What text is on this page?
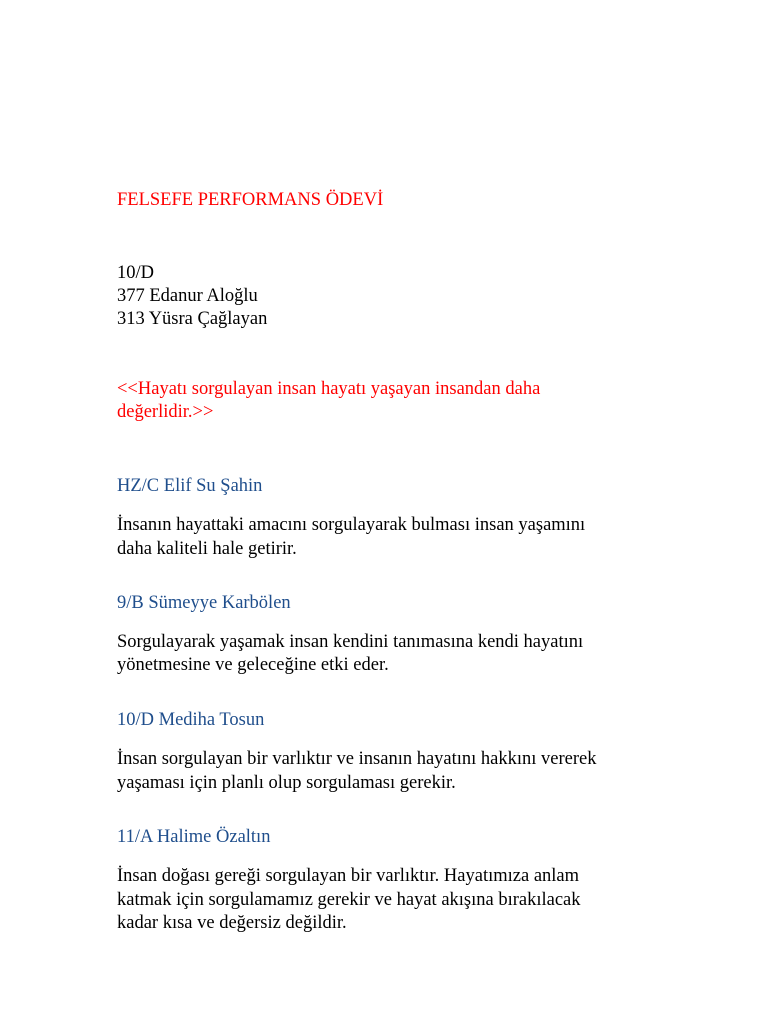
FELSEFE PERFORMANS ÖDEVİ
10/D
377 Edanur Aloğlu
313 Yüsra Çağlayan
<<Hayatı sorgulayan insan hayatı yaşayan insandan daha
değerlidir.>>
HZ/C Elif Su Şahin
İnsanın hayattaki amacını sorgulayarak bulması insan yaşamını
daha kaliteli hale getirir.
9/B Sümeyye Karbölen
Sorgulayarak yaşamak insan kendini tanımasına kendi hayatını
yönetmesine ve geleceğine etki eder.
10/D Mediha Tosun
İnsan sorgulayan bir varlıktır ve insanın hayatını hakkını vererek
yaşaması için planlı olup sorgulaması gerekir.
11/A Halime Özaltın
İnsan doğası gereği sorgulayan bir varlıktır. Hayatımıza anlam
katmak için sorgulamamız gerekir ve hayat akışına bırakılacak
kadar kısa ve değersiz değildir.
